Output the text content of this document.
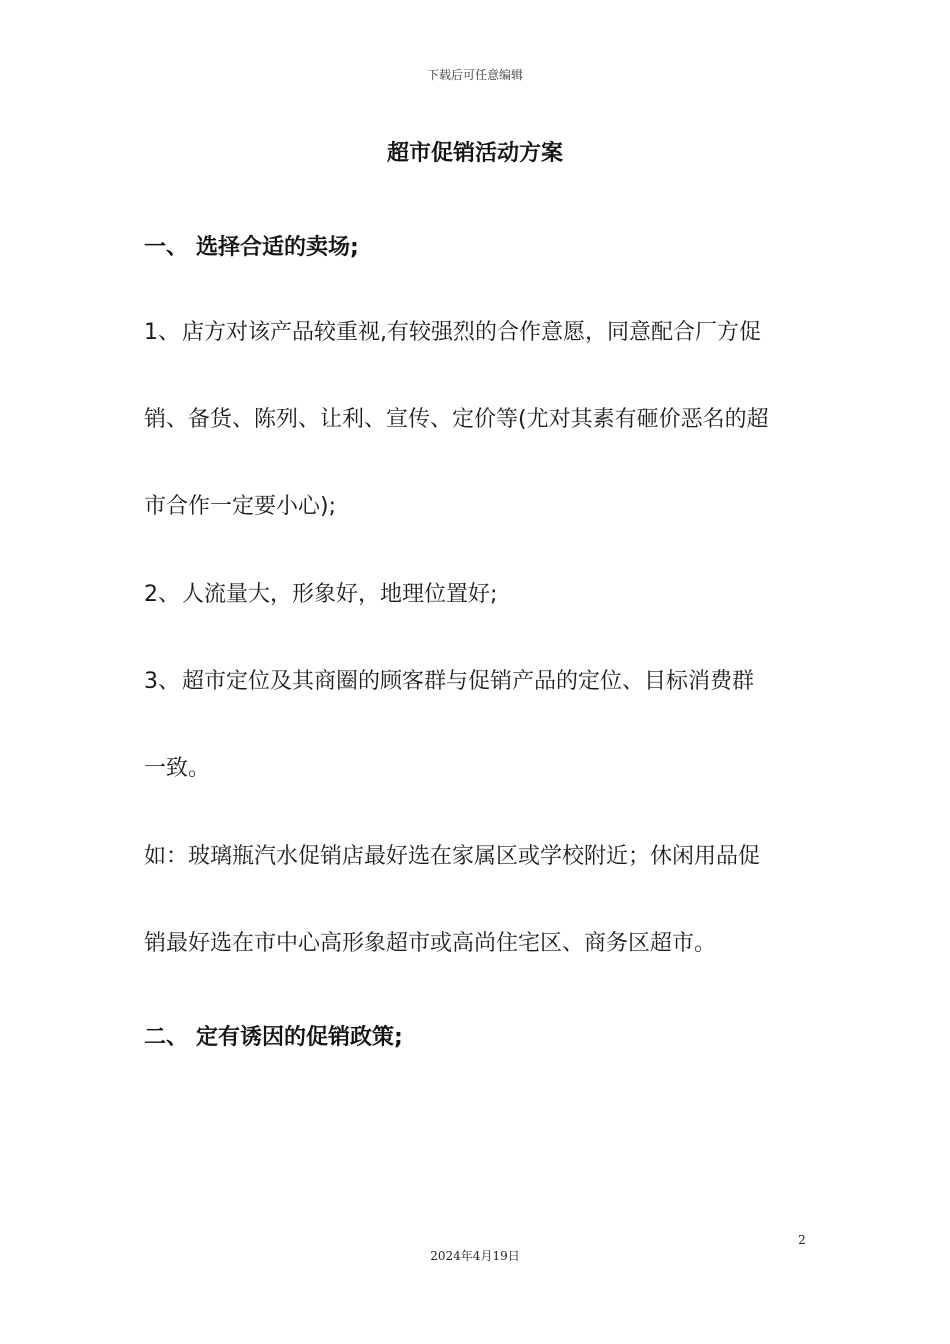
下载后可任意编辑
超市促销活动方案

一、 选择合适的卖场;

1、店方对该产品较重视,有较强烈的合作意愿，同意配合厂方促

销、备货、陈列、让利、宣传、定价等(尤对其素有砸价恶名的超

市合作一定要小心);

2、人流量大，形象好，地理位置好;

3、超市定位及其商圈的顾客群与促销产品的定位、目标消费群

一致。

如：玻璃瓶汽水促销店最好选在家属区或学校附近；休闲用品促

销最好选在市中心高形象超市或高尚住宅区、商务区超市。

二、 定有诱因的促销政策;

2
2024年4月19日
